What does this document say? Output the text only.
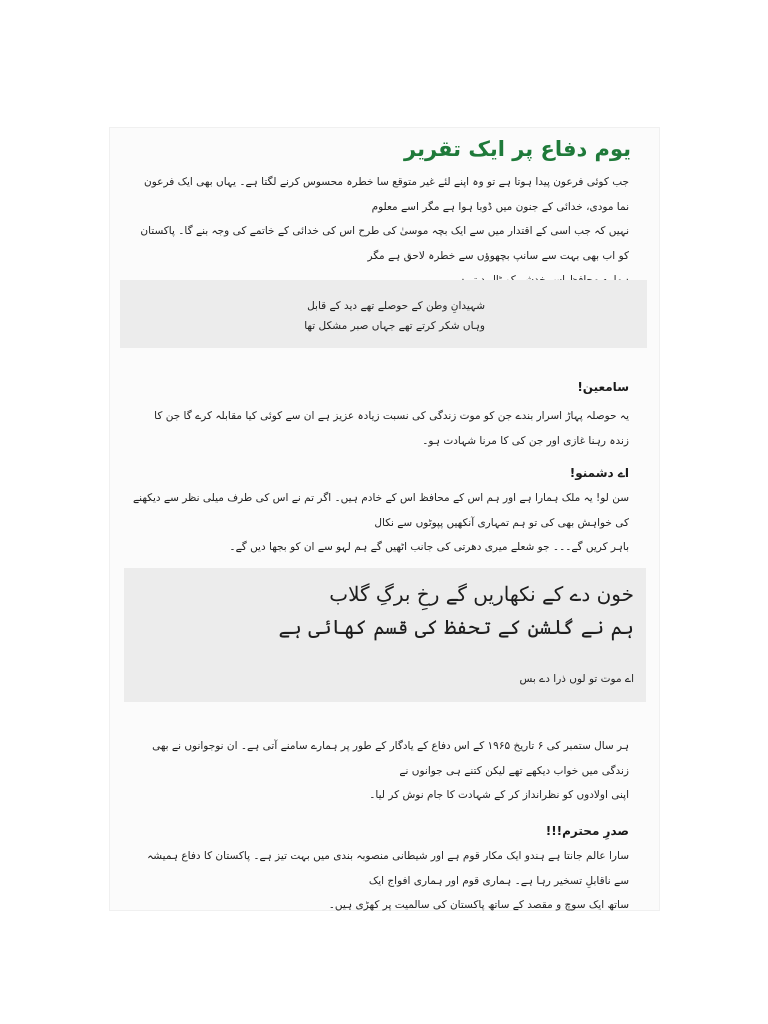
یوم دفاع پر ایک تقریر

جب کوئی فرعون پیدا ہوتا ہے تو وہ اپنے لئے غیر متوقع سا خطرہ محسوس کرنے لگتا ہے۔ یہاں بھی ایک فرعون نما مودی، خدائی کے جنون میں ڈوبا ہوا ہے مگر اسے معلوم

نہیں کہ جب اسی کے اقتدار میں سے ایک بچہ موسیٰ کی طرح اس کی خدائی کے خاتمے کی وجہ بنے گا۔ پاکستان کو اب بھی بہت سے سانپ بچھوؤں سے خطرہ لاحق ہے مگر

شہیدانِ وطن کے حوصلے تھے دید کے قابل
وہاں شکر کرتے تھے جہاں صبر مشکل تھا
سامعین!

یہ حوصلہ پہاڑ اسرار بندے جن کو موت زندگی کی نسبت زیادہ عزیز ہے ان سے کوئی کیا مقابلہ کرے گا جن کا زندہ رہنا غازی اور جن کی کا مرنا شہادت ہو۔

اے دشمنو!

سن لو! یہ ملک ہمارا ہے اور ہم اس کے محافظ اس کے خادم ہیں۔ اگر تم نے اس کی طرف میلی نظر سے دیکھنے کی خواہش بھی کی تو ہم تمہاری آنکھیں پپوٹوں سے نکال

باہر کریں گے۔۔۔ جو شعلے میری دھرتی کی جانب اٹھیں گے ہم لہو سے ان کو بجھا دیں گے۔

خون دے کے نکھاریں گے رخِ برگِ گلاب
ہم نے گلشن کے تحفظ کی قسم کھائی ہے
اے موت تو لوں ذرا دے بس

ہر سال ستمبر کی ۶ تاریخ ۱۹۶۵ کے اس دفاع کے یادگار کے طور پر ہمارے سامنے آتی ہے۔ ان نوجوانوں نے بھی زندگی میں خواب دیکھے تھے لیکن کتنے ہی جوانوں نے

اپنی اولادوں کو نظرانداز کر کے شہادت کا جام نوش کر لیا۔

صدرِ محترم!!!

سارا عالم جانتا ہے ہندو ایک مکار قوم ہے اور شیطانی منصوبہ بندی میں بہت تیز ہے۔ پاکستان کا دفاع ہمیشہ سے ناقابلِ تسخیر رہا ہے۔ ہماری قوم اور ہماری افواج ایک

ساتھ ایک سوچ و مقصد کے ساتھ پاکستان کی سالمیت پر کھڑی ہیں۔
